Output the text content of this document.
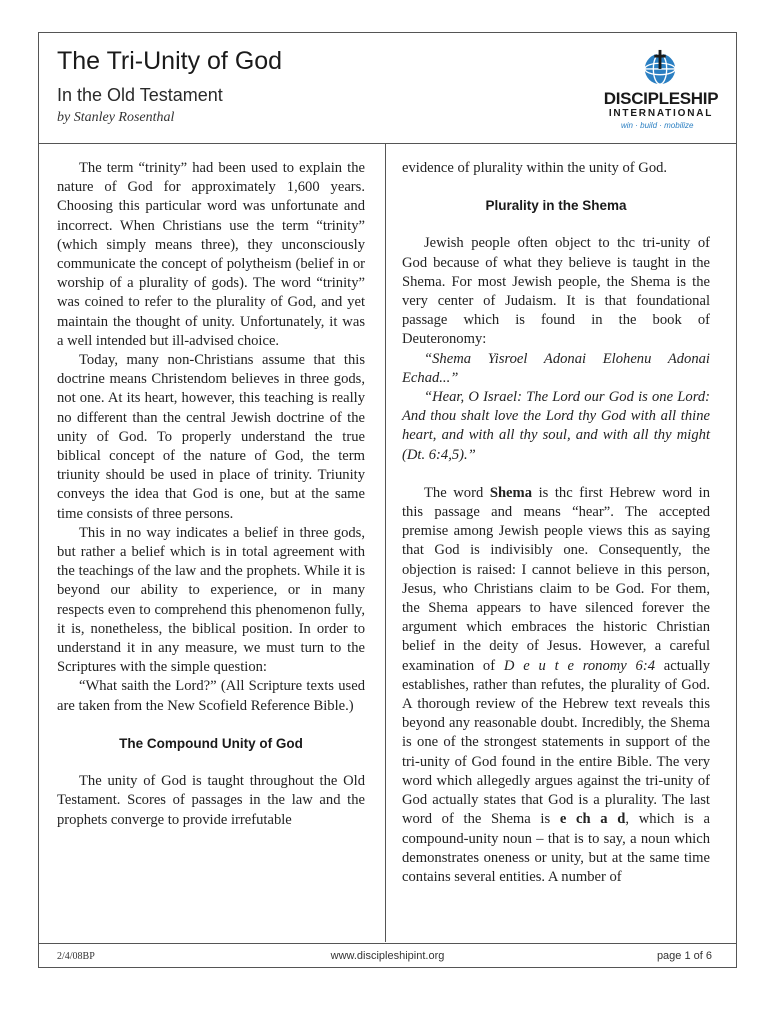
The Tri-Unity of God
In the Old Testament
by Stanley Rosenthal
DISCIPLESHIP
INTERNATIONAL
win · build · mobilize

The term “trinity” had been used to explain the nature of God for approximately 1,600 years. Choosing this particular word was unfortunate and incorrect. When Christians use the term “trinity” (which simply means three), they unconsciously communicate the concept of polytheism (belief in or worship of a plurality of gods). The word “trinity” was coined to refer to the plurality of God, and yet maintain the thought of unity. Unfortunately, it was a well intended but ill-advised choice.

Today, many non-Christians assume that this doctrine means Christendom believes in three gods, not one. At its heart, however, this teaching is really no different than the central Jewish doctrine of the unity of God. To properly understand the true biblical concept of the nature of God, the term triunity should be used in place of trinity. Triunity conveys the idea that God is one, but at the same time consists of three persons.

This in no way indicates a belief in three gods, but rather a belief which is in total agreement with the teachings of the law and the prophets. While it is beyond our ability to experience, or in many respects even to comprehend this phenomenon fully, it is, nonetheless, the biblical position. In order to understand it in any measure, we must turn to the Scriptures with the simple question:

“What saith the Lord?” (All Scripture texts used are taken from the New Scofield Reference Bible.)

The Compound Unity of God

The unity of God is taught throughout the Old Testament. Scores of passages in the law and the prophets converge to provide irrefutable

evidence of plurality within the unity of God.

Plurality in the Shema

Jewish people often object to thc tri-unity of God because of what they believe is taught in the Shema. For most Jewish people, the Shema is the very center of Judaism. It is that foundational passage which is found in the book of Deuteronomy:

“Shema Yisroel Adonai Elohenu Adonai Echad...”

“Hear, O Israel: The Lord our God is one Lord: And thou shalt love the Lord thy God with all thine heart, and with all thy soul, and with all thy might (Dt. 6:4,5).”

The word Shema is thc first Hebrew word in this passage and means “hear”. The accepted premise among Jewish people views this as saying that God is indivisibly one. Consequently, the objection is raised: I cannot believe in this person, Jesus, who Christians claim to be God. For them, the Shema appears to have silenced forever the argument which embraces the historic Christian belief in the deity of Jesus. However, a careful examination of D e u t e ronomy 6:4 actually establishes, rather than refutes, the plurality of God. A thorough review of the Hebrew text reveals this beyond any reasonable doubt. Incredibly, the Shema is one of the strongest statements in support of the tri-unity of God found in the entire Bible. The very word which allegedly argues against the tri-unity of God actually states that God is a plurality. The last word of the Shema is e ch a d, which is a compound-unity noun – that is to say, a noun which demonstrates oneness or unity, but at the same time contains several entities. A number of

2/4/08BP	www.discipleshipint.org	page 1 of 6
